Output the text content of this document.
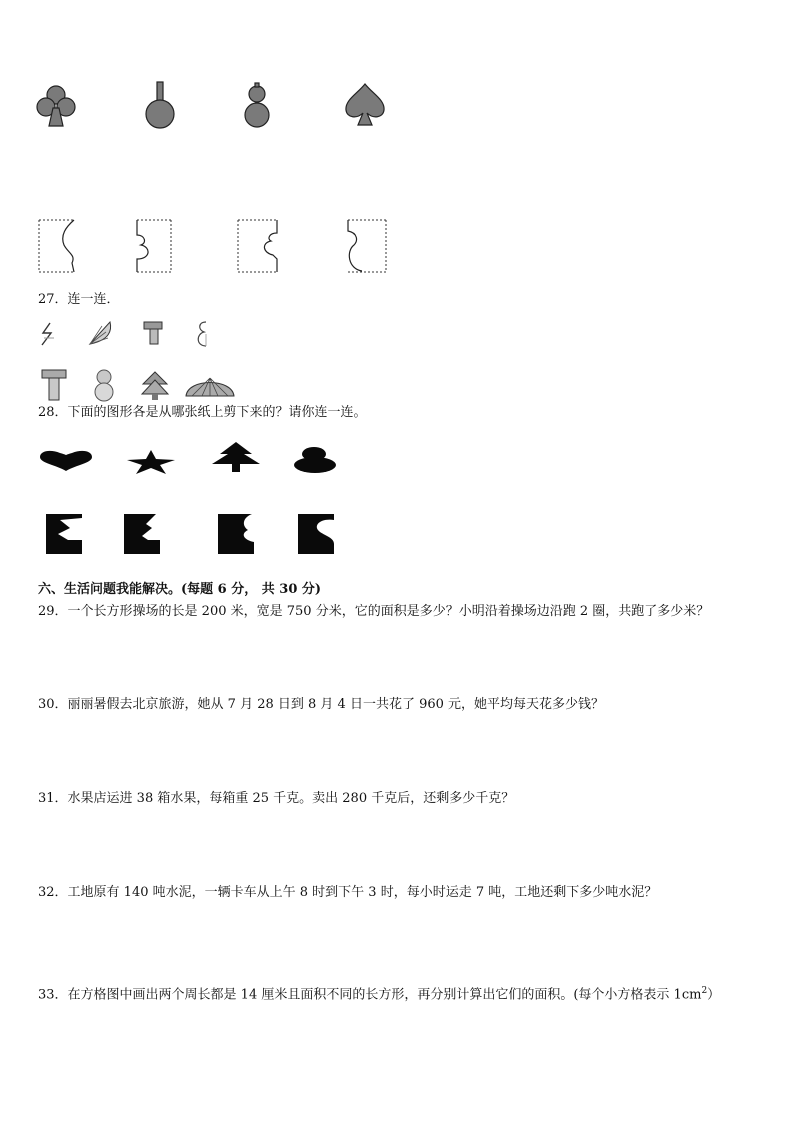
27．连一连．
28．下面的图形各是从哪张纸上剪下来的？请你连一连。
六、生活问题我能解决。(每题 6 分， 共 30 分)
29．一个长方形操场的长是 200 米，宽是 750 分米，它的面积是多少？小明沿着操场边沿跑 2 圈，共跑了多少米？
30．丽丽暑假去北京旅游，她从 7 月 28 日到 8 月 4 日一共花了 960 元，她平均每天花多少钱？
31．水果店运进 38 箱水果，每箱重 25 千克。卖出 280 千克后，还剩多少千克？
32．工地原有 140 吨水泥，一辆卡车从上午 8 时到下午 3 时，每小时运走 7 吨，工地还剩下多少吨水泥？
33．在方格图中画出两个周长都是 14 厘米且面积不同的长方形，再分别计算出它们的面积。(每个小方格表示 $1cm^2$）
